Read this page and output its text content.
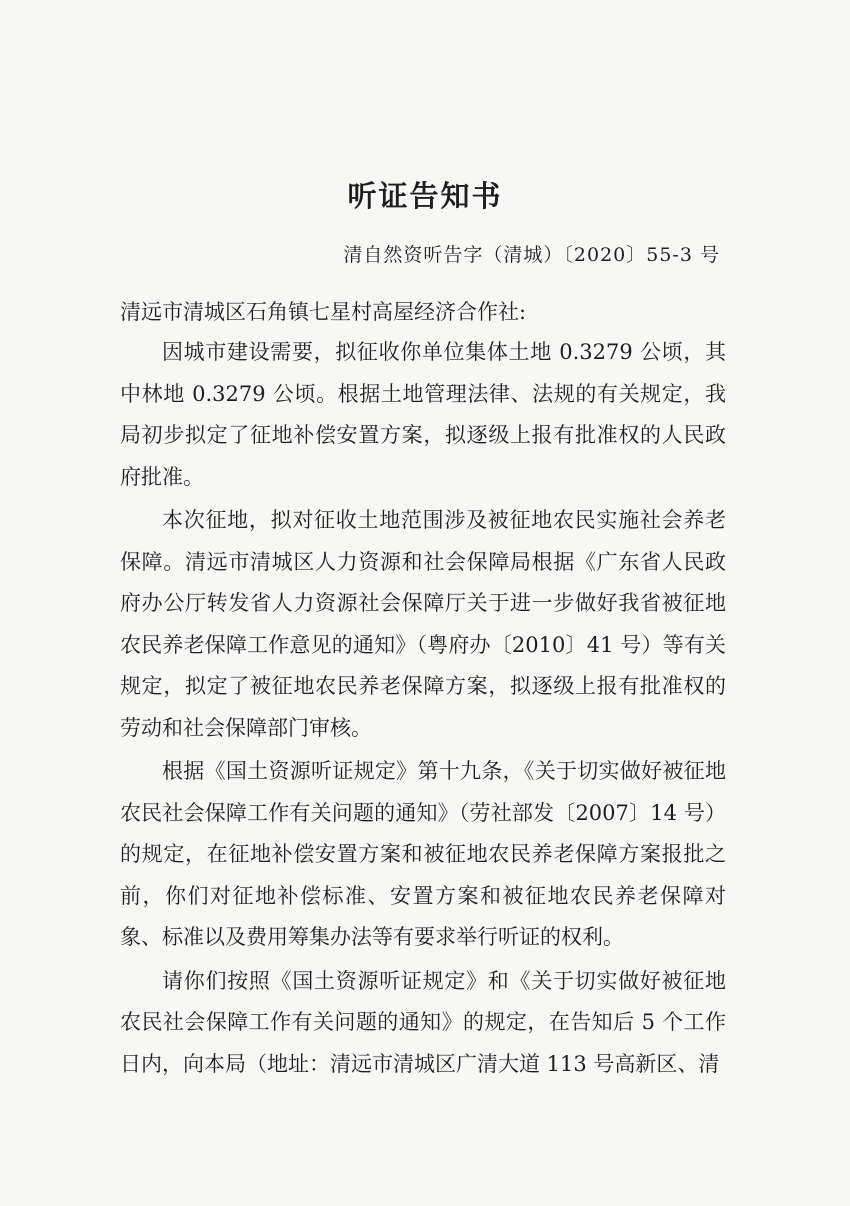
听证告知书
清自然资听告字（清城）〔2020〕55-3 号
清远市清城区石角镇七星村高屋经济合作社:

因城市建设需要，拟征收你单位集体土地 0.3279 公顷，其中林地 0.3279 公顷。根据土地管理法律、法规的有关规定，我局初步拟定了征地补偿安置方案，拟逐级上报有批准权的人民政府批准。

本次征地，拟对征收土地范围涉及被征地农民实施社会养老保障。清远市清城区人力资源和社会保障局根据《广东省人民政府办公厅转发省人力资源社会保障厅关于进一步做好我省被征地农民养老保障工作意见的通知》（粤府办〔2010〕41 号）等有关规定，拟定了被征地农民养老保障方案，拟逐级上报有批准权的劳动和社会保障部门审核。

根据《国土资源听证规定》第十九条，《关于切实做好被征地农民社会保障工作有关问题的通知》（劳社部发〔2007〕14 号）的规定，在征地补偿安置方案和被征地农民养老保障方案报批之前，你们对征地补偿标准、安置方案和被征地农民养老保障对象、标准以及费用筹集办法等有要求举行听证的权利。

请你们按照《国土资源听证规定》和《关于切实做好被征地农民社会保障工作有关问题的通知》的规定，在告知后 5 个工作日内，向本局（地址：清远市清城区广清大道 113 号高新区、清
